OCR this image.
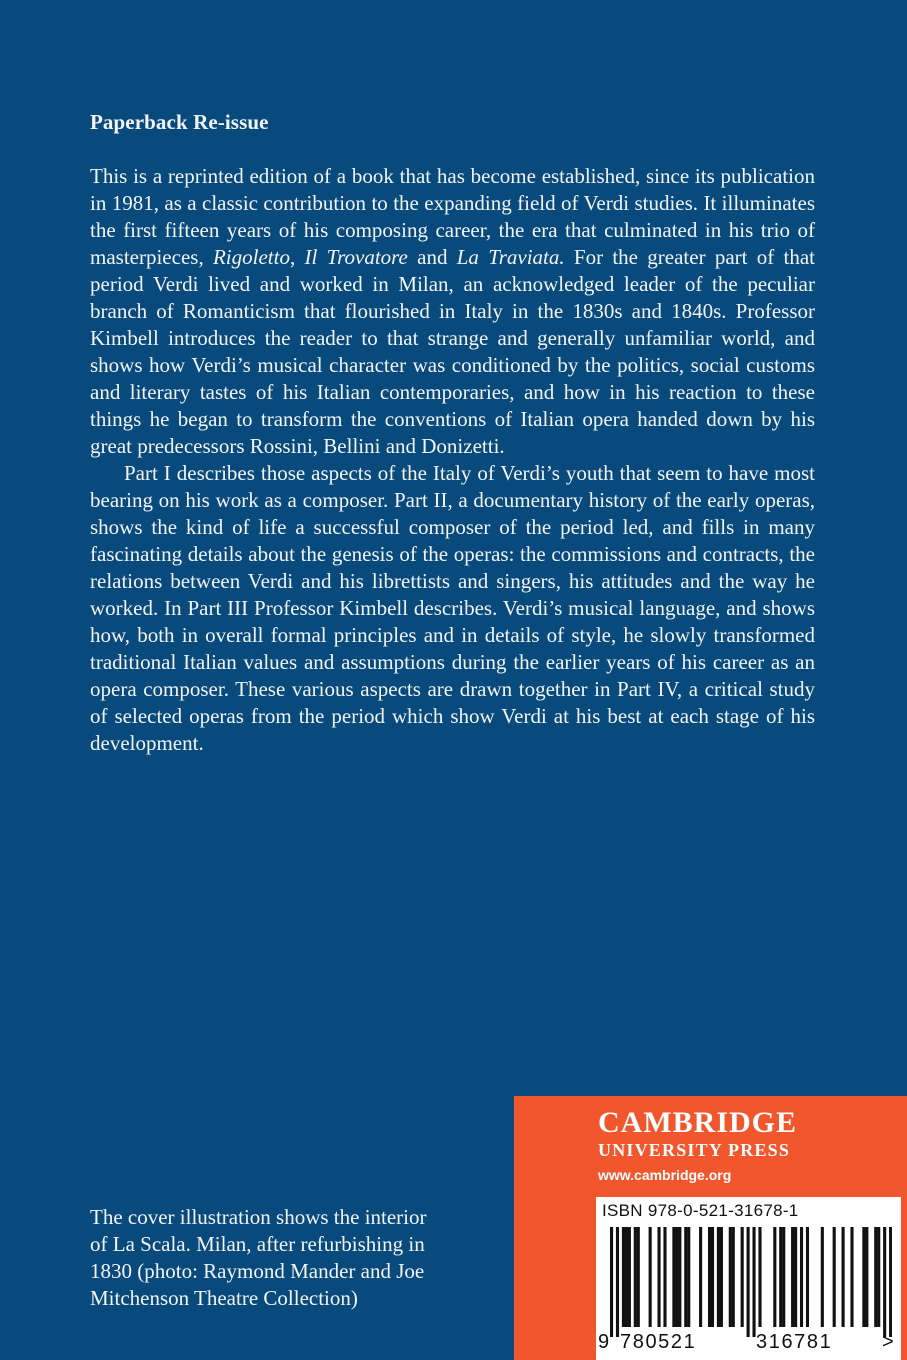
Paperback Re-issue

This is a reprinted edition of a book that has become established, since its publication in 1981, as a classic contribution to the expanding field of Verdi studies. It illuminates the first fifteen years of his composing career, the era that culminated in his trio of masterpieces, Rigoletto, Il Trovatore and La Traviata. For the greater part of that period Verdi lived and worked in Milan, an acknowledged leader of the peculiar branch of Romanticism that flourished in Italy in the 1830s and 1840s. Professor Kimbell introduces the reader to that strange and generally unfamiliar world, and shows how Verdi’s musical character was conditioned by the politics, social customs and literary tastes of his Italian contemporaries, and how in his reaction to these things he began to transform the conventions of Italian opera handed down by his great predecessors Rossini, Bellini and Donizetti.

Part I describes those aspects of the Italy of Verdi’s youth that seem to have most bearing on his work as a composer. Part II, a documentary history of the early operas, shows the kind of life a successful composer of the period led, and fills in many fascinating details about the genesis of the operas: the commissions and contracts, the relations between Verdi and his librettists and singers, his attitudes and the way he worked. In Part III Professor Kimbell describes. Verdi’s musical language, and shows how, both in overall formal principles and in details of style, he slowly transformed traditional Italian values and assumptions during the earlier years of his career as an opera composer. These various aspects are drawn together in Part IV, a critical study of selected operas from the period which show Verdi at his best at each stage of his development.

The cover illustration shows the interior
of La Scala. Milan, after refurbishing in
1830 (photo: Raymond Mander and Joe
Mitchenson Theatre Collection)
CAMBRIDGE
UNIVERSITY PRESS
www.cambridge.org
ISBN 978-0-521-31678-1
9 780521	316781 >
